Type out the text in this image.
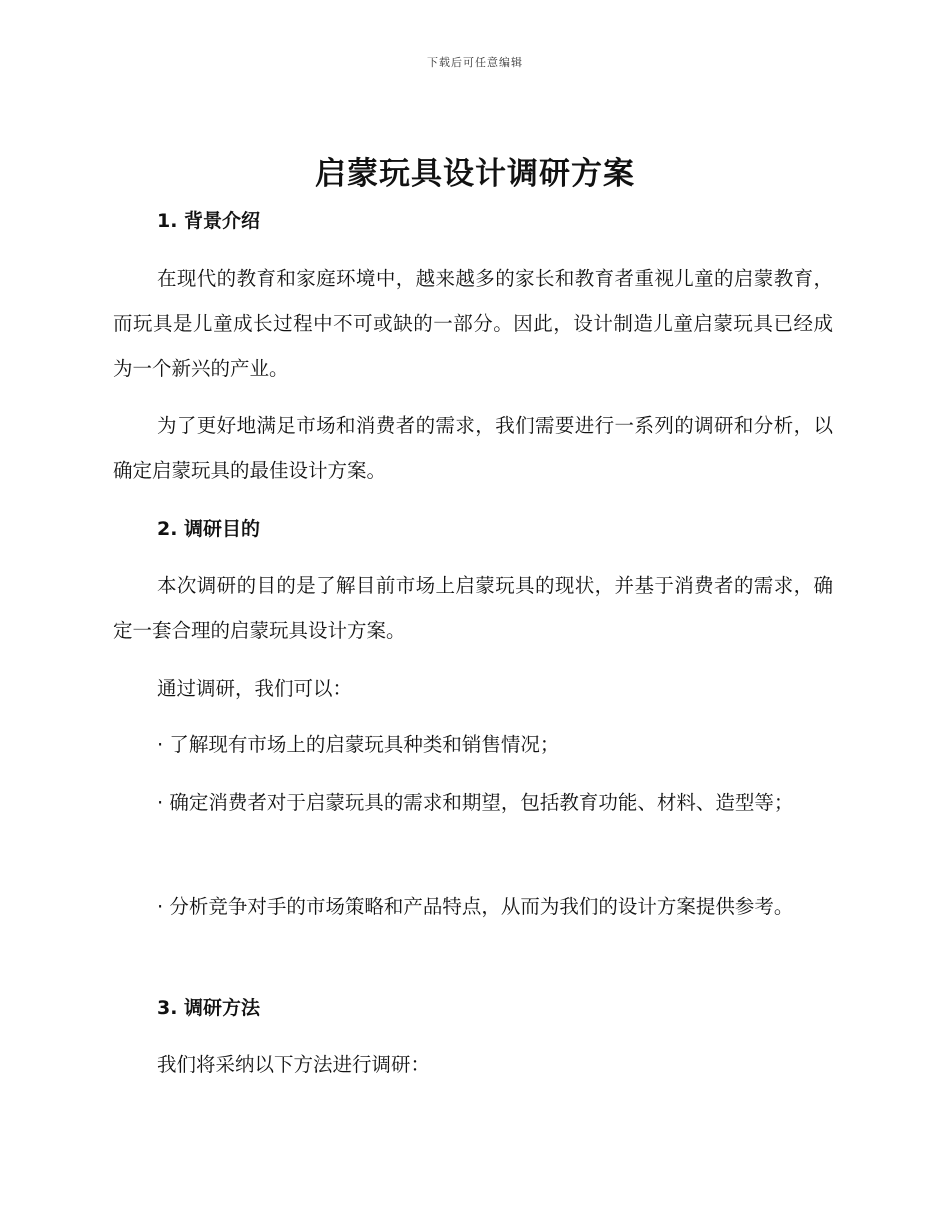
下载后可任意编辑
启蒙玩具设计调研方案
1. 背景介绍

在现代的教育和家庭环境中，越来越多的家长和教育者重视儿童的启蒙教育，而玩具是儿童成长过程中不可或缺的一部分。因此，设计制造儿童启蒙玩具已经成为一个新兴的产业。

为了更好地满足市场和消费者的需求，我们需要进行一系列的调研和分析，以确定启蒙玩具的最佳设计方案。

2. 调研目的

本次调研的目的是了解目前市场上启蒙玩具的现状，并基于消费者的需求，确定一套合理的启蒙玩具设计方案。

通过调研，我们可以：

· 了解现有市场上的启蒙玩具种类和销售情况；

· 确定消费者对于启蒙玩具的需求和期望，包括教育功能、材料、造型等；

· 分析竞争对手的市场策略和产品特点，从而为我们的设计方案提供参考。

3. 调研方法

我们将采纳以下方法进行调研：
